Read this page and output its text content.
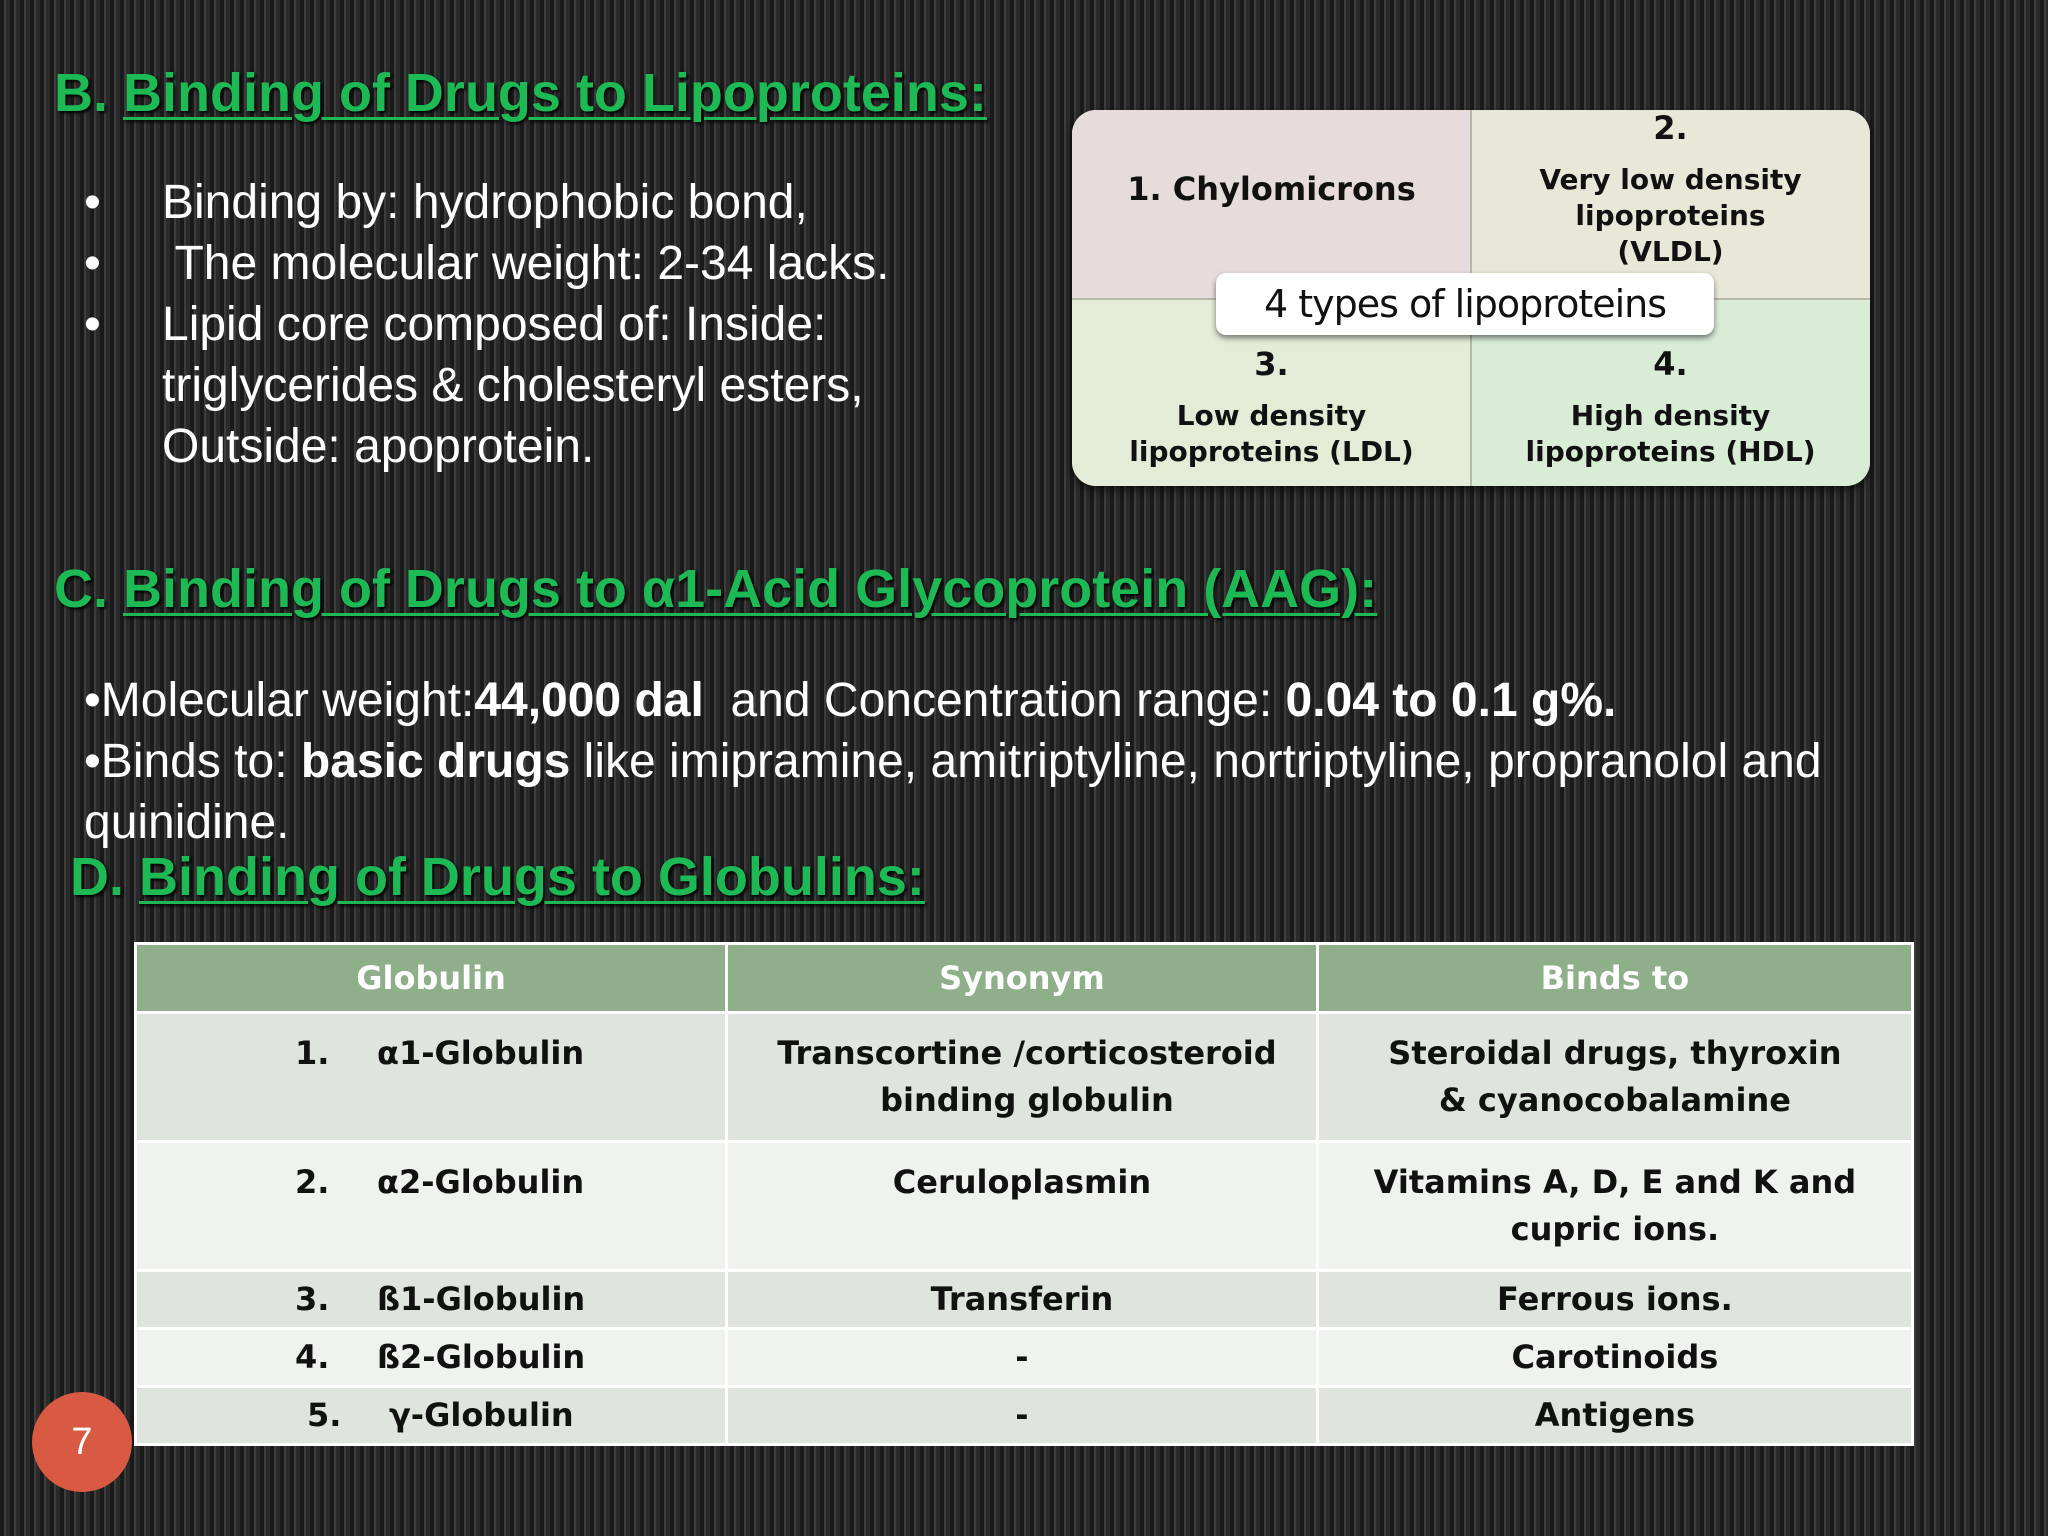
B. Binding of Drugs to Lipoproteins:
• Binding by: hydrophobic bond,
• The molecular weight: 2-34 lacks.
• Lipid core composed of: Inside: triglycerides & cholesteryl esters, Outside: apoprotein.
1. Chylomicrons
2.
Very low density lipoproteins (VLDL)
3.
Low density lipoproteins (LDL)
4.
High density lipoproteins (HDL)
4 types of lipoproteins
C. Binding of Drugs to α1-Acid Glycoprotein (AAG):

•Molecular weight:44,000 dal  and Concentration range: 0.04 to 0.1 g%.

•Binds to: basic drugs like imipramine, amitriptyline, nortriptyline, propranolol and quinidine.

D. Binding of Drugs to Globulins:
Globulin	Synonym	Binds to

1. α1-Globulin	Transcortine /corticosteroid binding globulin	Steroidal drugs, thyroxin & cyanocobalamine

2. α2-Globulin	Ceruloplasmin	Vitamins A, D, E and K and cupric ions.

3. ß1-Globulin	Transferin	Ferrous ions.

4. ß2-Globulin	-	Carotinoids

5. γ-Globulin	-	Antigens
7
